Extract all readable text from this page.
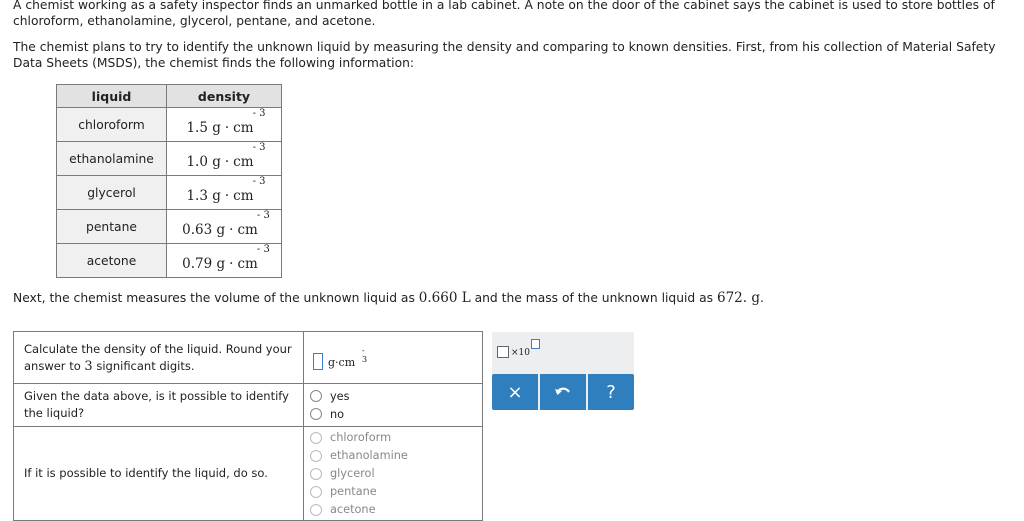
A chemist working as a safety inspector finds an unmarked bottle in a lab cabinet. A note on the door of the cabinet says the cabinet is used to store bottles of chloroform, ethanolamine, glycerol, pentane, and acetone.
The chemist plans to try to identify the unknown liquid by measuring the density and comparing to known densities. First, from his collection of Material Safety Data Sheets (MSDS), the chemist finds the following information:
liquid	density
chloroform	1.5 g · cm
- 3

ethanolamine	1.0 g · cm
- 3

glycerol	1.3 g · cm
- 3

pentane	0.63 g · cm
- 3

acetone	0.79 g · cm
- 3
Next, the chemist measures the volume of the unknown liquid as 0.660 L and the mass of the unknown liquid as 672. g.
Calculate the density of the liquid. Round your answer to 3 significant digits.	g·cm
- 3

Given the data above, is it possible to identify the liquid?	yes
no

If it is possible to identify the liquid, do so.	chloroform
ethanolamine
glycerol
pentane
acetone
×10
×	?
